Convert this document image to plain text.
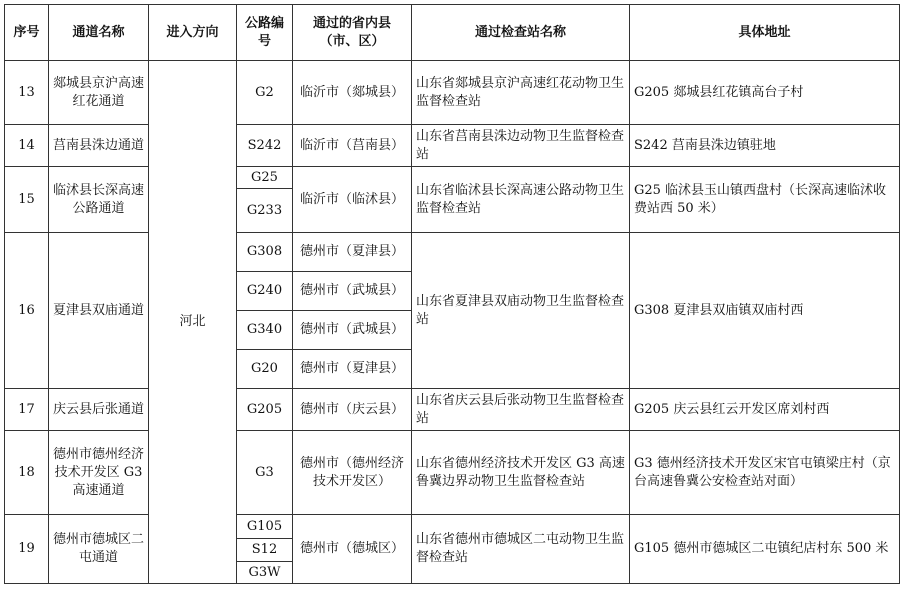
序号	通道名称	进入方向	公路编号	通过的省内县（市、区）	通过检查站名称	具体地址
13	郯城县京沪高速红花通道	河北	G2	临沂市（郯城县）	山东省郯城县京沪高速红花动物卫生监督检查站	G205 郯城县红花镇高台子村
14	莒南县洙边通道		S242	临沂市（莒南县）	山东省莒南县洙边动物卫生监督检查站	S242 莒南县洙边镇驻地
15	临沭县长深高速公路通道		G25	临沂市（临沭县）	山东省临沭县长深高速公路动物卫生监督检查站	G25 临沭县玉山镇西盘村（长深高速临沭收费站西 50 米）
			G233			
16	夏津县双庙通道		G308	德州市（夏津县）	山东省夏津县双庙动物卫生监督检查站	G308 夏津县双庙镇双庙村西
			G240	德州市（武城县）		
			G340	德州市（武城县）		
			G20	德州市（夏津县）		
17	庆云县后张通道		G205	德州市（庆云县）	山东省庆云县后张动物卫生监督检查站	G205 庆云县红云开发区席刘村西
18	德州市德州经济技术开发区 G3 高速通道		G3	德州市（德州经济技术开发区）	山东省德州经济技术开发区 G3 高速鲁冀边界动物卫生监督检查站	G3 德州经济技术开发区宋官屯镇梁庄村（京台高速鲁冀公安检查站对面）
19	德州市德城区二屯通道		G105	德州市（德城区）	山东省德州市德城区二屯动物卫生监督检查站	G105 德州市德城区二屯镇纪店村东 500 米
			S12			
			G3W			
